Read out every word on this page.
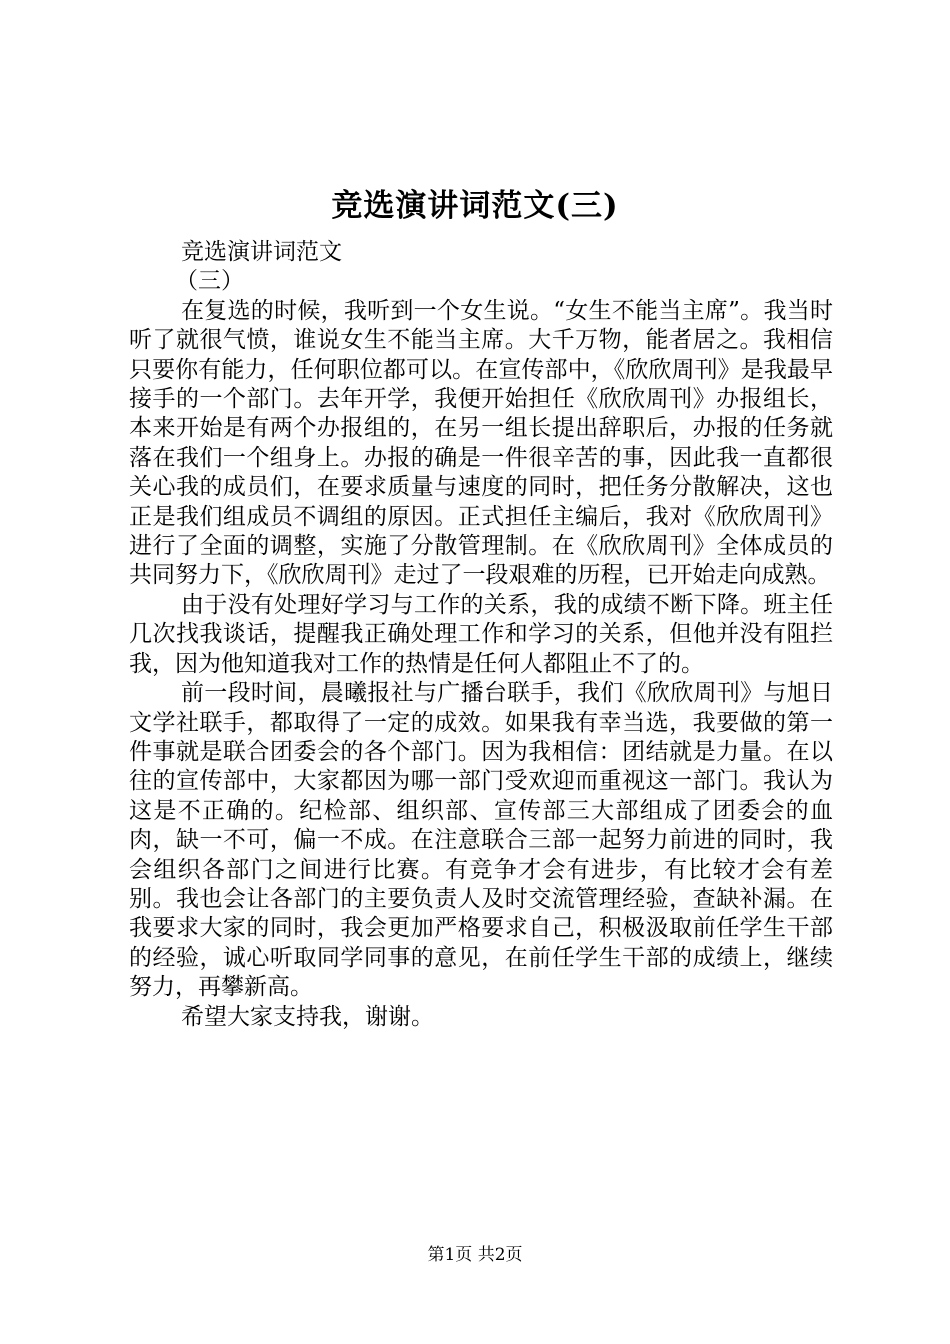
竞选演讲词范文(三)

竞选演讲词范文

（三）

在复选的时候，我听到一个女生说。“女生不能当主席”。我当时听了就很气愤，谁说女生不能当主席。大千万物，能者居之。我相信只要你有能力，任何职位都可以。在宣传部中，《欣欣周刊》是我最早接手的一个部门。去年开学，我便开始担任《欣欣周刊》办报组长，本来开始是有两个办报组的，在另一组长提出辞职后，办报的任务就落在我们一个组身上。办报的确是一件很辛苦的事，因此我一直都很关心我的成员们，在要求质量与速度的同时，把任务分散解决，这也正是我们组成员不调组的原因。正式担任主编后，我对《欣欣周刊》进行了全面的调整，实施了分散管理制。在《欣欣周刊》全体成员的共同努力下，《欣欣周刊》走过了一段艰难的历程，已开始走向成熟。

由于没有处理好学习与工作的关系，我的成绩不断下降。班主任几次找我谈话，提醒我正确处理工作和学习的关系，但他并没有阻拦我，因为他知道我对工作的热情是任何人都阻止不了的。

前一段时间，晨曦报社与广播台联手，我们《欣欣周刊》与旭日文学社联手，都取得了一定的成效。如果我有幸当选，我要做的第一件事就是联合团委会的各个部门。因为我相信：团结就是力量。在以往的宣传部中，大家都因为哪一部门受欢迎而重视这一部门。我认为这是不正确的。纪检部、组织部、宣传部三大部组成了团委会的血肉，缺一不可，偏一不成。在注意联合三部一起努力前进的同时，我会组织各部门之间进行比赛。有竞争才会有进步，有比较才会有差别。我也会让各部门的主要负责人及时交流管理经验，查缺补漏。在我要求大家的同时，我会更加严格要求自己，积极汲取前任学生干部的经验，诚心听取同学同事的意见，在前任学生干部的成绩上，继续努力，再攀新高。

希望大家支持我，谢谢。

第1页 共2页
